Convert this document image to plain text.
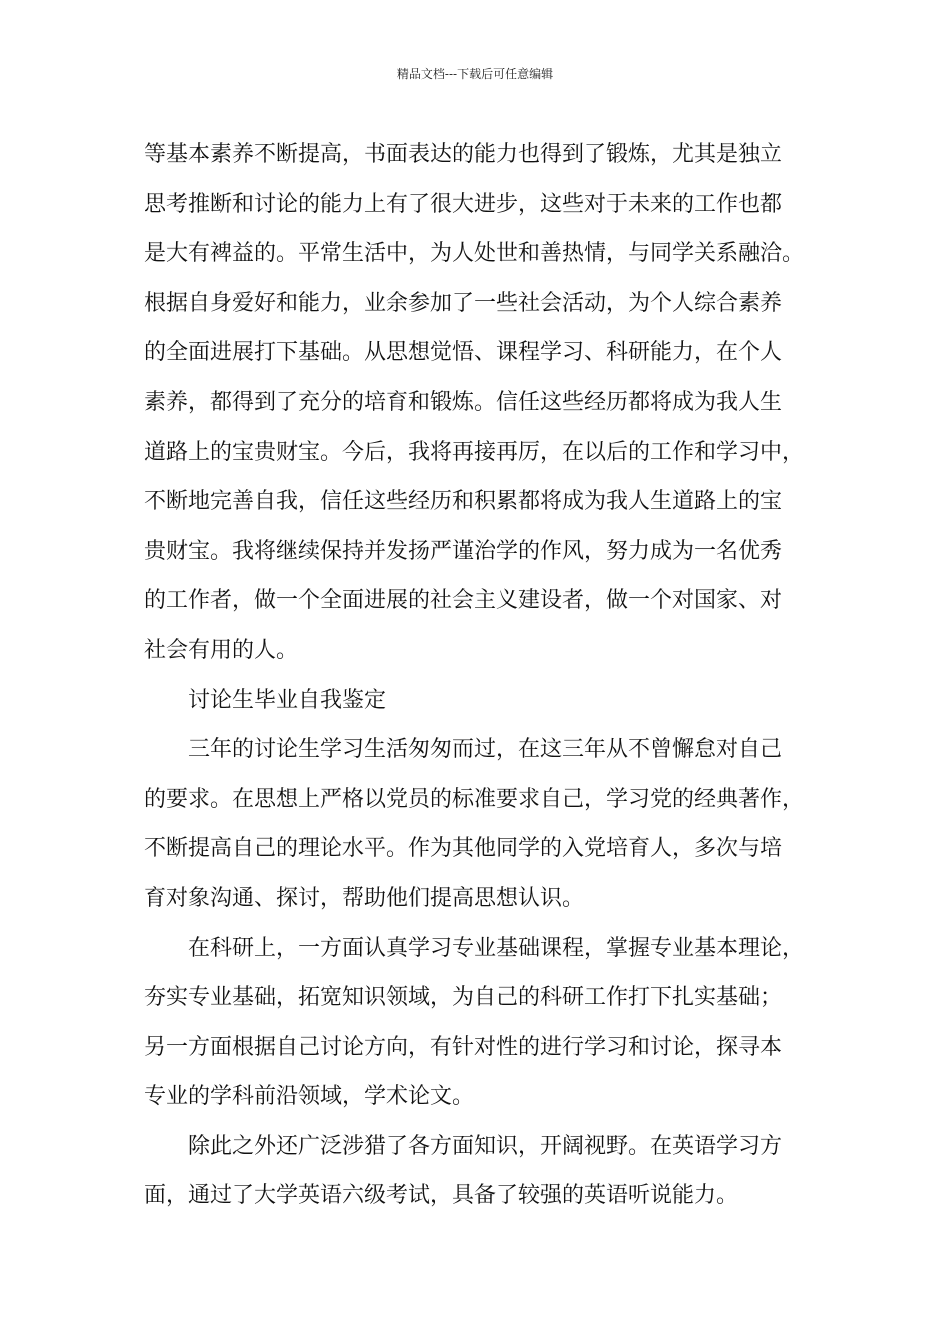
精品文档---下载后可任意编辑
等基本素养不断提高，书面表达的能力也得到了锻炼，尤其是独立
思考推断和讨论的能力上有了很大进步，这些对于未来的工作也都
是大有裨益的。平常生活中，为人处世和善热情，与同学关系融洽。
根据自身爱好和能力，业余参加了一些社会活动，为个人综合素养
的全面进展打下基础。从思想觉悟、课程学习、科研能力，在个人
素养，都得到了充分的培育和锻炼。信任这些经历都将成为我人生
道路上的宝贵财宝。今后，我将再接再厉，在以后的工作和学习中，
不断地完善自我，信任这些经历和积累都将成为我人生道路上的宝
贵财宝。我将继续保持并发扬严谨治学的作风，努力成为一名优秀
的工作者，做一个全面进展的社会主义建设者，做一个对国家、对
社会有用的人。
讨论生毕业自我鉴定
三年的讨论生学习生活匆匆而过，在这三年从不曾懈怠对自己
的要求。在思想上严格以党员的标准要求自己，学习党的经典著作，
不断提高自己的理论水平。作为其他同学的入党培育人，多次与培
育对象沟通、探讨，帮助他们提高思想认识。
在科研上，一方面认真学习专业基础课程，掌握专业基本理论，
夯实专业基础，拓宽知识领域，为自己的科研工作打下扎实基础；
另一方面根据自己讨论方向，有针对性的进行学习和讨论，探寻本
专业的学科前沿领域，学术论文。
除此之外还广泛涉猎了各方面知识，开阔视野。在英语学习方
面，通过了大学英语六级考试，具备了较强的英语听说能力。
